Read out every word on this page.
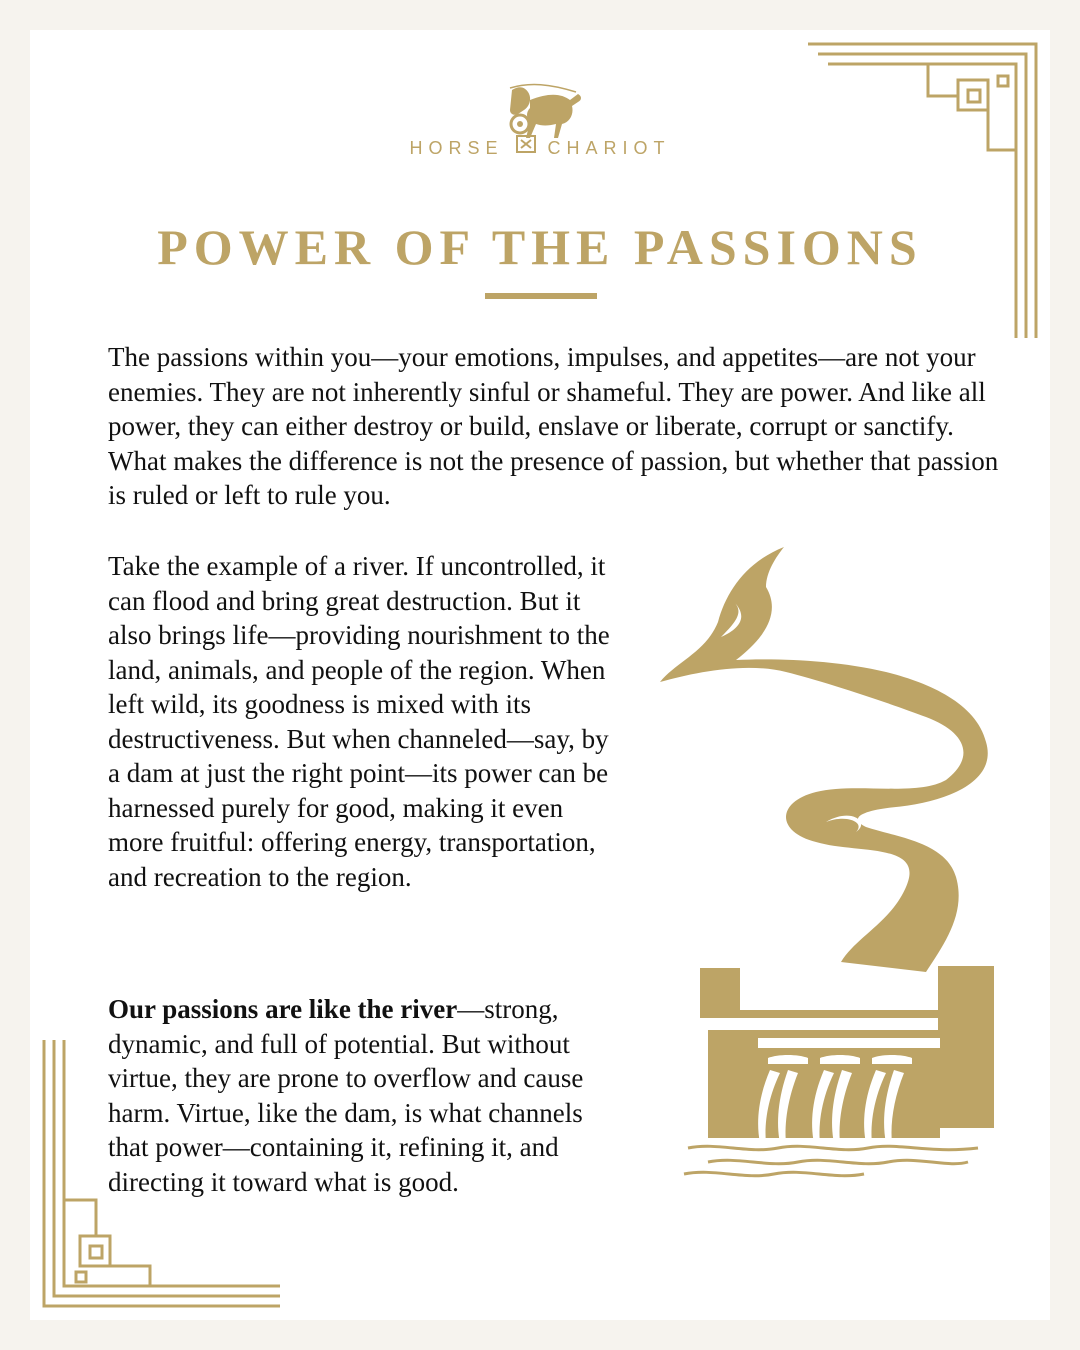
HORSE CHARIOT
POWER OF THE PASSIONS

The passions within you—your emotions, impulses, and appetites—are not your enemies. They are not inherently sinful or shameful. They are power. And like all power, they can either destroy or build, enslave or liberate, corrupt or sanctify. What makes the difference is not the presence of passion, but whether that passion is ruled or left to rule you.

Take the example of a river. If uncontrolled, it can flood and bring great destruction. But it also brings life—providing nourishment to the land, animals, and people of the region. When left wild, its goodness is mixed with its destructiveness. But when channeled—say, by a dam at just the right point—its power can be harnessed purely for good, making it even more fruitful: offering energy, transportation, and recreation to the region.

Our passions are like the river—strong, dynamic, and full of potential. But without virtue, they are prone to overflow and cause harm. Virtue, like the dam, is what channels that power—containing it, refining it, and directing it toward what is good.
